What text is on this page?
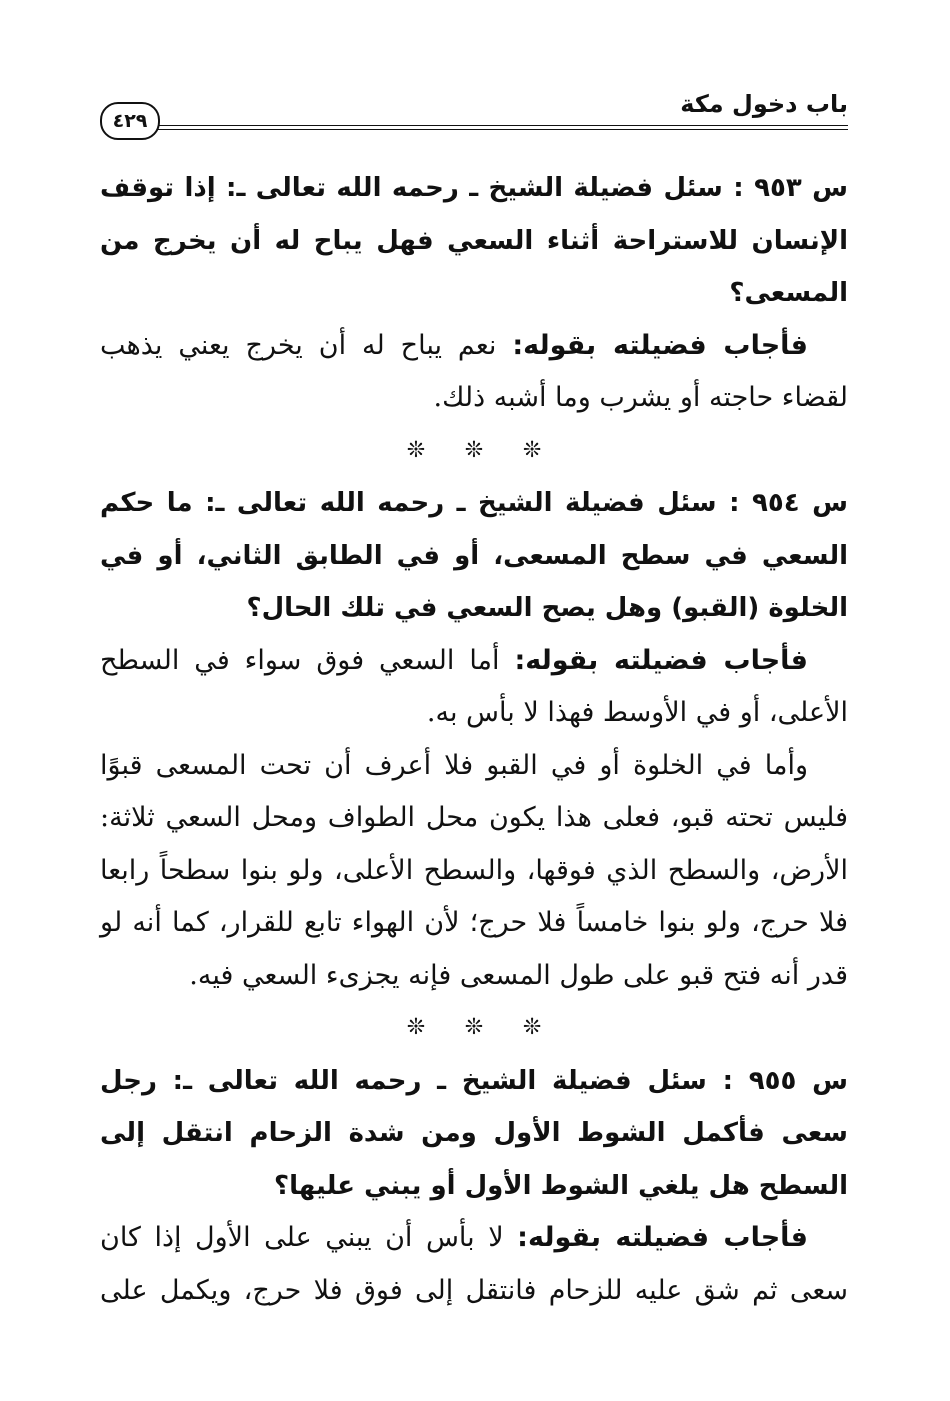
باب دخول مكة
٤٢٩

س ٩٥٣ : سئل فضيلة الشيخ ـ رحمه الله تعالى ـ: إذا توقف الإنسان للاستراحة أثناء السعي فهل يباح له أن يخرج من المسعى؟

فأجاب فضيلته بقوله: نعم يباح له أن يخرج يعني يذهب لقضاء حاجته أو يشرب وما أشبه ذلك.

❊ ❊ ❊

س ٩٥٤ : سئل فضيلة الشيخ ـ رحمه الله تعالى ـ: ما حكم السعي في سطح المسعى، أو في الطابق الثاني، أو في الخلوة (القبو) وهل يصح السعي في تلك الحال؟

فأجاب فضيلته بقوله: أما السعي فوق سواء في السطح الأعلى، أو في الأوسط فهذا لا بأس به.

وأما في الخلوة أو في القبو فلا أعرف أن تحت المسعى قبوًا فليس تحته قبو، فعلى هذا يكون محل الطواف ومحل السعي ثلاثة: الأرض، والسطح الذي فوقها، والسطح الأعلى، ولو بنوا سطحاً رابعا فلا حرج، ولو بنوا خامساً فلا حرج؛ لأن الهواء تابع للقرار، كما أنه لو قدر أنه فتح قبو على طول المسعى فإنه يجزىء السعي فيه.

❊ ❊ ❊

س ٩٥٥ : سئل فضيلة الشيخ ـ رحمه الله تعالى ـ: رجل سعى فأكمل الشوط الأول ومن شدة الزحام انتقل إلى السطح هل يلغي الشوط الأول أو يبني عليها؟

فأجاب فضيلته بقوله: لا بأس أن يبني على الأول إذا كان سعى ثم شق عليه للزحام فانتقل إلى فوق فلا حرج، ويكمل على
